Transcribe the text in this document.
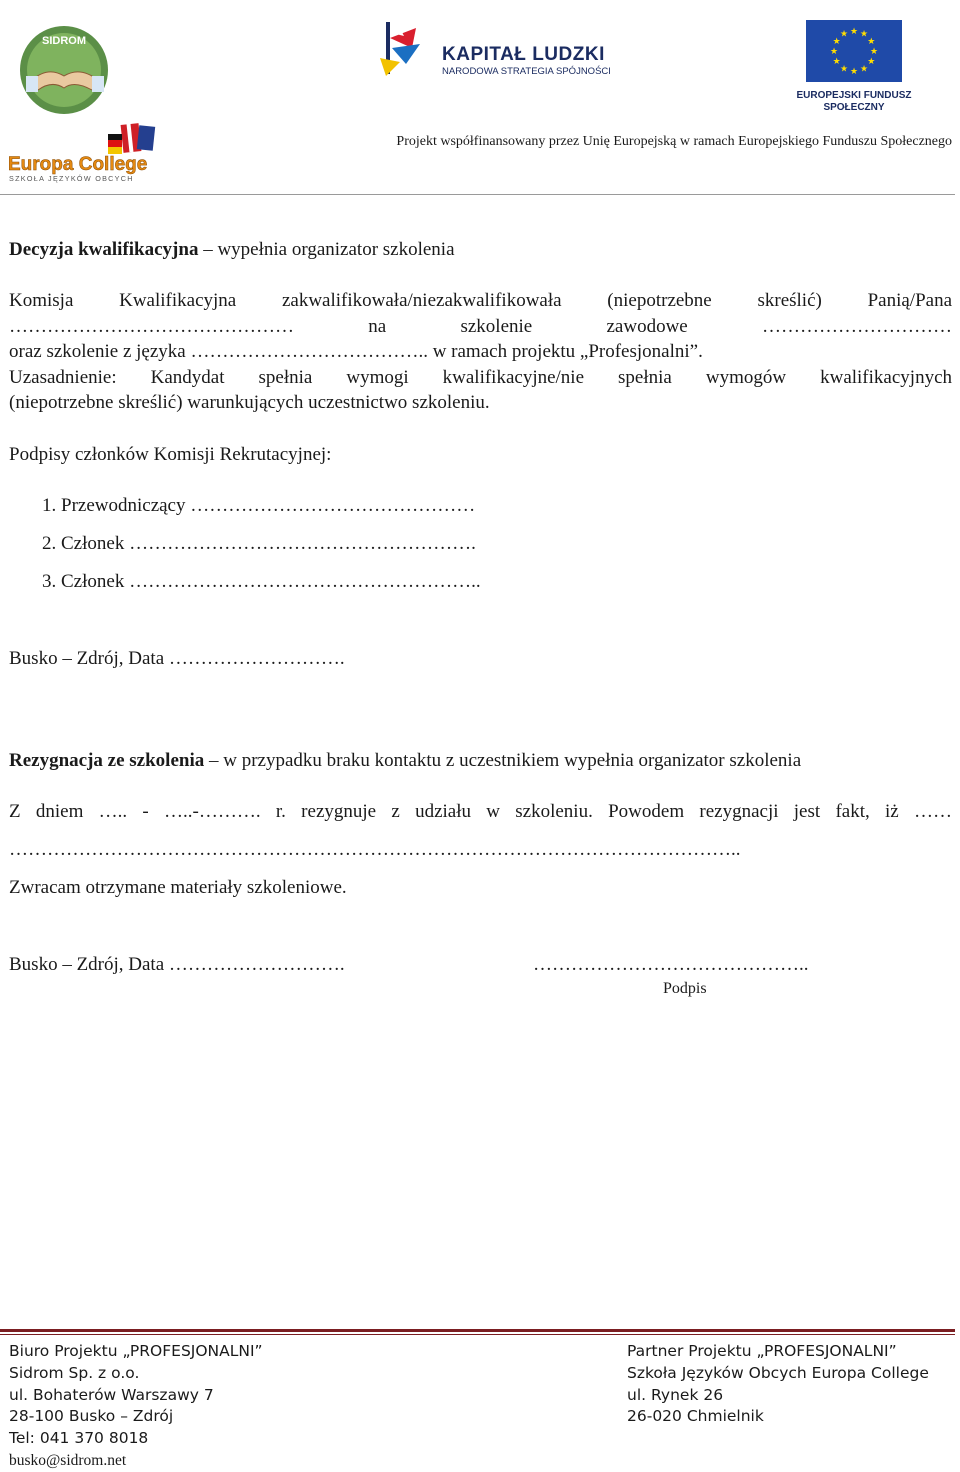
SIDROM
Europa College
SZKOŁA JĘZYKÓW OBCYCH
KAPITAŁ LUDZKI
NARODOWA STRATEGIA SPÓJNOŚCI
★ ★
★
★
★
★
★
★
★
★
★
★
EUROPEJSKI FUNDUSZ
SPOŁECZNY
Projekt współfinansowany przez Unię Europejską w ramach Europejskiego Funduszu Społecznego
Decyzja kwalifikacyjna – wypełnia organizator szkolenia
Komisja Kwalifikacyjna zakwalifikowała/niezakwalifikowała (niepotrzebne skreślić) Panią/Pana
……………………………………… na szkolenie zawodowe …………………………
oraz szkolenie z języka ……………………………….. w ramach projektu „Profesjonalni”.
Uzasadnienie: Kandydat spełnia wymogi kwalifikacyjne/nie spełnia wymogów kwalifikacyjnych
(niepotrzebne skreślić) warunkujących uczestnictwo szkoleniu.
Podpisy członków Komisji Rekrutacyjnej:
1. Przewodniczący ………………………………………
2. Członek ……………………………………………….
3. Członek ………………………………………………..
Busko – Zdrój, Data ……………………….
Rezygnacja ze szkolenia – w przypadku braku kontaktu z uczestnikiem wypełnia organizator szkolenia
Z dniem ….. - …..-………. r. rezygnuje z udziału w szkoleniu. Powodem rezygnacji jest fakt, iż ……
……………………………………………………………………………………………………..
Zwracam otrzymane materiały szkoleniowe.
Busko – Zdrój, Data ……………………….	……………………………………..
Podpis
Biuro Projektu „PROFESJONALNI”
Sidrom Sp. z o.o.
ul. Bohaterów Warszawy 7
28-100 Busko – Zdrój
Tel: 041 370 8018
busko@sidrom.net
Partner Projektu „PROFESJONALNI”
Szkoła Języków Obcych Europa College
ul. Rynek 26
26-020 Chmielnik
